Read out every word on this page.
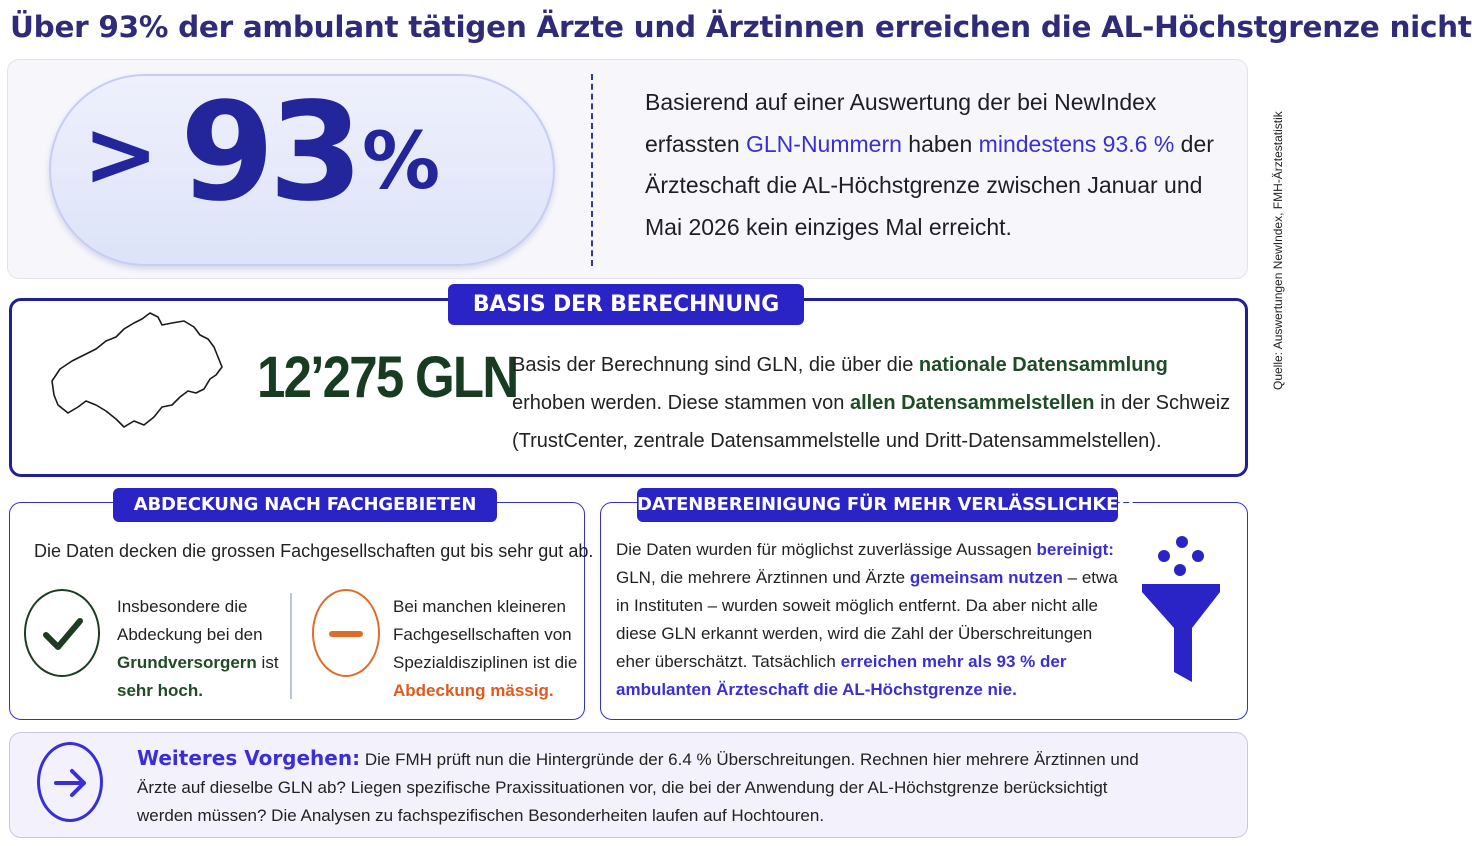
Über 93% der ambulant tätigen Ärzte und Ärztinnen erreichen die AL-Höchstgrenze nicht
Quelle: Auswertungen NewIndex, FMH-Ärztestatistik
> 93 %

Basierend auf einer Auswertung der bei NewIndex erfassten GLN-Nummern haben mindestens 93.6 % der Ärzteschaft die AL-Höchstgrenze zwischen Januar und Mai 2026 kein einziges Mal erreicht.

BASIS DER BERECHNUNG
12’275 GLN

Basis der Berechnung sind GLN, die über die nationale Datensammlung erhoben werden. Diese stammen von allen Datensammelstellen in der Schweiz (TrustCenter, zentrale Datensammelstelle und Dritt-Datensammelstellen).

ABDECKUNG NACH FACHGEBIETEN

Die Daten decken die grossen Fachgesellschaften gut bis sehr gut ab.

Insbesondere die Abdeckung bei den Grundversorgern ist sehr hoch.

Bei manchen kleineren Fachgesellschaften von Spezialdisziplinen ist die Abdeckung mässig.

DATENBEREINIGUNG FÜR MEHR VERLÄSSLICHKEIT

Die Daten wurden für möglichst zuverlässige Aussagen bereinigt: GLN, die mehrere Ärztinnen und Ärzte gemeinsam nutzen – etwa in Instituten – wurden soweit möglich entfernt. Da aber nicht alle diese GLN erkannt werden, wird die Zahl der Überschreitungen eher überschätzt. Tatsächlich erreichen mehr als 93 % der ambulanten Ärzteschaft die AL-Höchstgrenze nie.

Weiteres Vorgehen: Die FMH prüft nun die Hintergründe der 6.4 % Überschreitungen. Rechnen hier mehrere Ärztinnen und Ärzte auf dieselbe GLN ab? Liegen spezifische Praxissituationen vor, die bei der Anwendung der AL-Höchstgrenze berücksichtigt werden müssen? Die Analysen zu fachspezifischen Besonderheiten laufen auf Hochtouren.
